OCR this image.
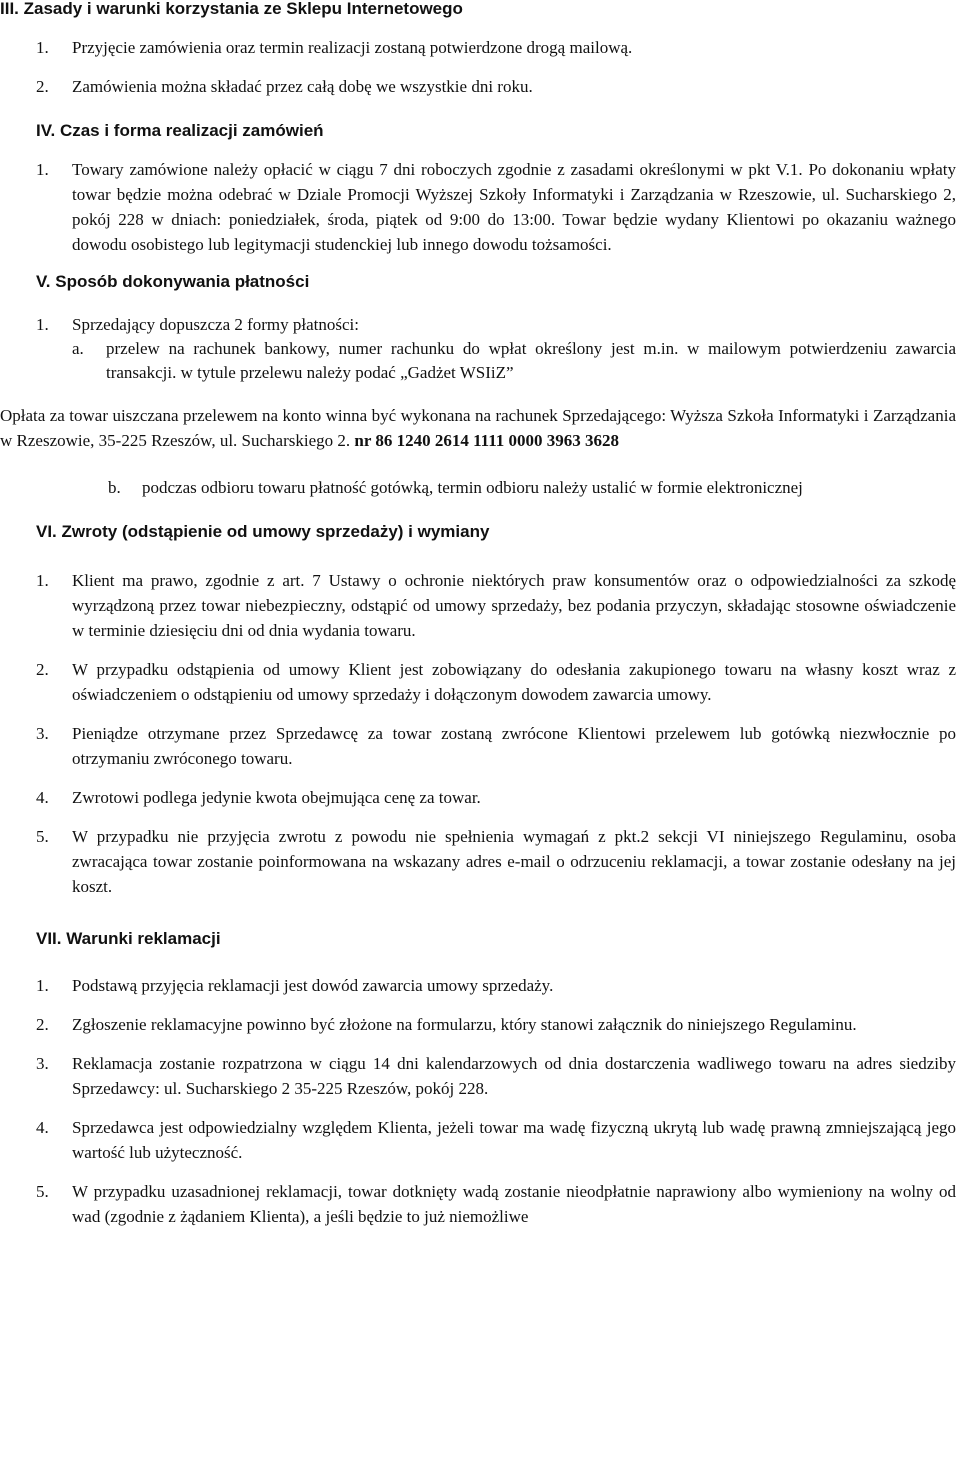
III. Zasady i warunki korzystania ze Sklepu Internetowego
1.	Przyjęcie zamówienia oraz termin realizacji zostaną potwierdzone drogą mailową.
2.	Zamówienia można składać przez całą dobę we wszystkie dni roku.
IV. Czas i forma realizacji zamówień
1.	Towary zamówione należy opłacić w ciągu 7 dni roboczych zgodnie z zasadami określonymi w pkt V.1. Po dokonaniu wpłaty towar będzie można odebrać w Dziale Promocji Wyższej Szkoły Informatyki i Zarządzania w Rzeszowie, ul. Sucharskiego 2, pokój 228 w dniach: poniedziałek, środa, piątek od 9:00 do 13:00. Towar będzie wydany Klientowi po okazaniu ważnego dowodu osobistego lub legitymacji studenckiej lub innego dowodu tożsamości.
V. Sposób dokonywania płatności
1.	Sprzedający dopuszcza 2 formy płatności:
a.	przelew na rachunek bankowy, numer rachunku do wpłat określony jest m.in. w mailowym potwierdzeniu zawarcia transakcji. w tytule przelewu należy podać „Gadżet WSIiZ”
Opłata za towar uiszczana przelewem na konto winna być wykonana na rachunek Sprzedającego: Wyższa Szkoła Informatyki i Zarządzania w Rzeszowie, 35-225 Rzeszów, ul. Sucharskiego 2. nr 86 1240 2614 1111 0000 3963 3628
b.	podczas odbioru towaru płatność gotówką, termin odbioru należy ustalić w formie elektronicznej
VI. Zwroty (odstąpienie od umowy sprzedaży) i wymiany
1.	Klient ma prawo, zgodnie z art. 7 Ustawy o ochronie niektórych praw konsumentów oraz o odpowiedzialności za szkodę wyrządzoną przez towar niebezpieczny, odstąpić od umowy sprzedaży, bez podania przyczyn, składając stosowne oświadczenie w terminie dziesięciu dni od dnia wydania towaru.
2.	W przypadku odstąpienia od umowy Klient jest zobowiązany do odesłania zakupionego towaru na własny koszt wraz z oświadczeniem o odstąpieniu od umowy sprzedaży i dołączonym dowodem zawarcia umowy.
3.	Pieniądze otrzymane przez Sprzedawcę za towar zostaną zwrócone Klientowi przelewem lub gotówką niezwłocznie po otrzymaniu zwróconego towaru.
4.	Zwrotowi podlega jedynie kwota obejmująca cenę za towar.
5.	W przypadku nie przyjęcia zwrotu z powodu nie spełnienia wymagań z pkt.2 sekcji VI niniejszego Regulaminu, osoba zwracająca towar zostanie poinformowana na wskazany adres e-mail o odrzuceniu reklamacji, a towar zostanie odesłany na jej koszt.
VII. Warunki reklamacji
1.	Podstawą przyjęcia reklamacji jest dowód zawarcia umowy sprzedaży.
2.	Zgłoszenie reklamacyjne powinno być złożone na formularzu, który stanowi załącznik do niniejszego Regulaminu.
3.	Reklamacja zostanie rozpatrzona w ciągu 14 dni kalendarzowych od dnia dostarczenia wadliwego towaru na adres siedziby Sprzedawcy: ul. Sucharskiego 2 35-225 Rzeszów, pokój 228.
4.	Sprzedawca jest odpowiedzialny względem Klienta, jeżeli towar ma wadę fizyczną ukrytą lub wadę prawną zmniejszającą jego wartość lub użyteczność.
5.	W przypadku uzasadnionej reklamacji, towar dotknięty wadą zostanie nieodpłatnie naprawiony albo wymieniony na wolny od wad (zgodnie z żądaniem Klienta), a jeśli będzie to już niemożliwe
